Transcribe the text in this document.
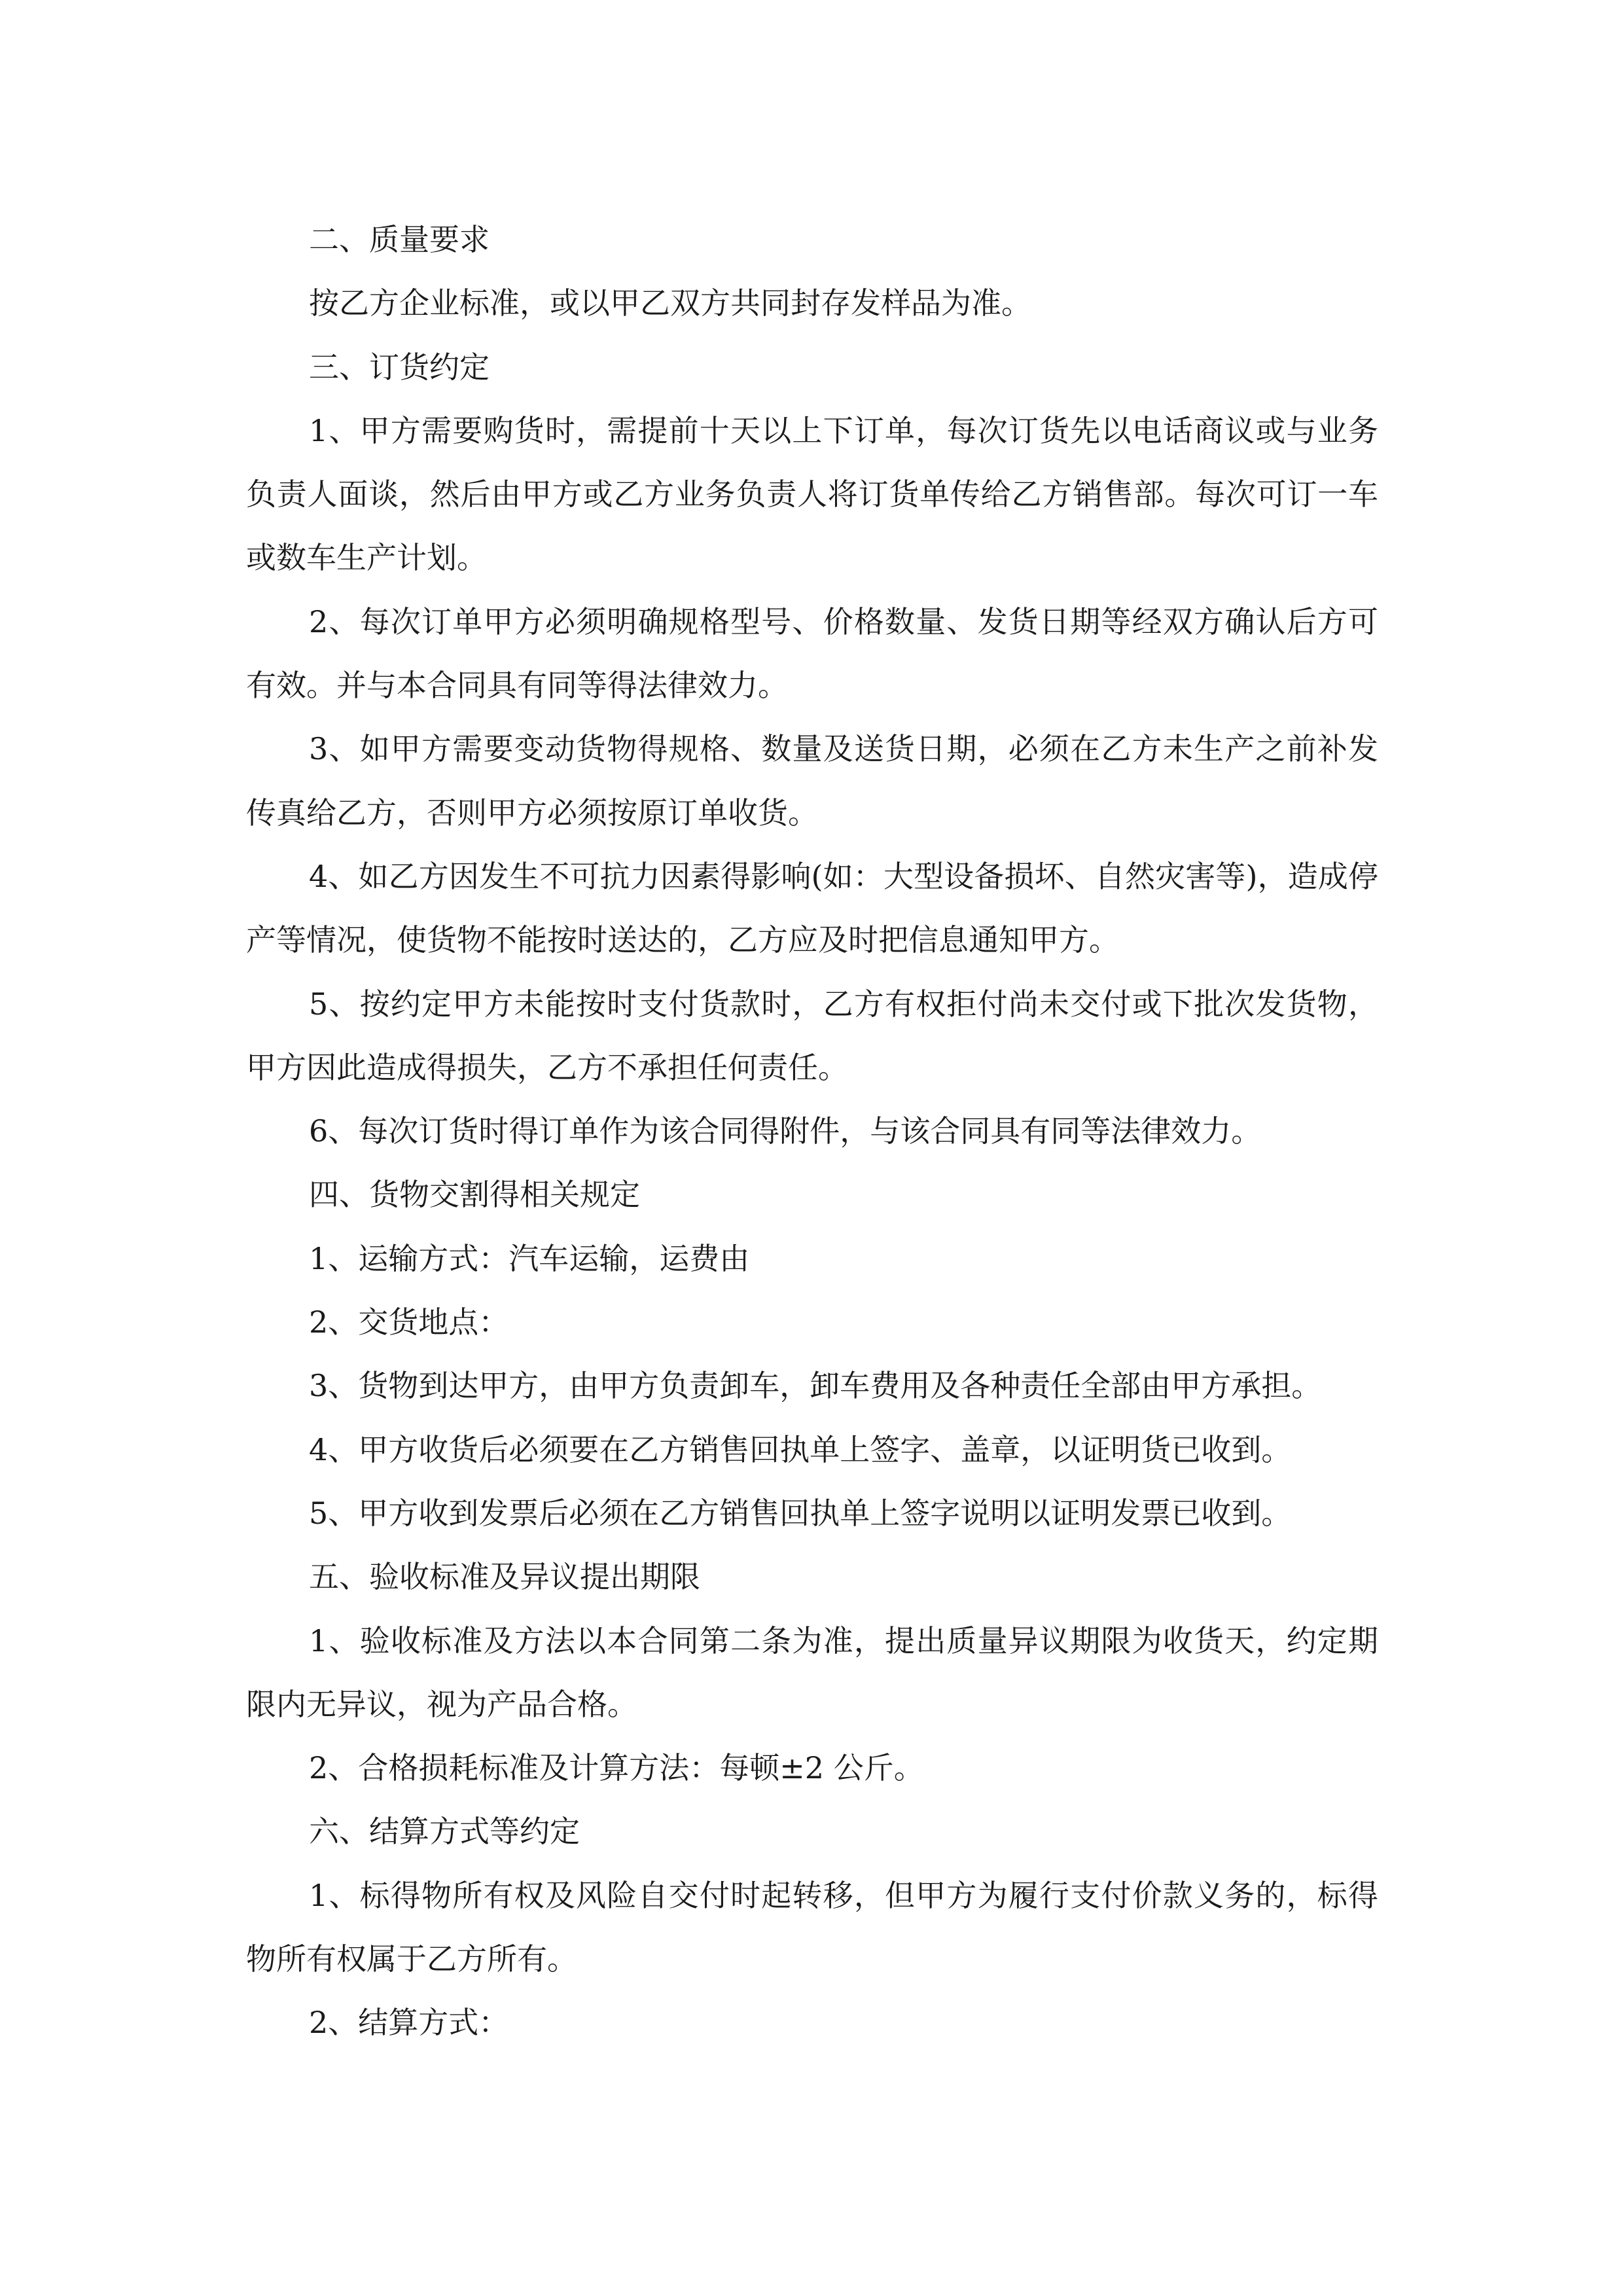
二、质量要求

按乙方企业标准，或以甲乙双方共同封存发样品为准。

三、订货约定

1、甲方需要购货时，需提前十天以上下订单，每次订货先以电话商议或与业务负责人面谈，然后由甲方或乙方业务负责人将订货单传给乙方销售部。每次可订一车或数车生产计划。

2、每次订单甲方必须明确规格型号、价格数量、发货日期等经双方确认后方可有效。并与本合同具有同等得法律效力。

3、如甲方需要变动货物得规格、数量及送货日期，必须在乙方未生产之前补发传真给乙方，否则甲方必须按原订单收货。

4、如乙方因发生不可抗力因素得影响(如：大型设备损坏、自然灾害等)，造成停产等情况，使货物不能按时送达的，乙方应及时把信息通知甲方。

5、按约定甲方未能按时支付货款时，乙方有权拒付尚未交付或下批次发货物，甲方因此造成得损失，乙方不承担任何责任。

6、每次订货时得订单作为该合同得附件，与该合同具有同等法律效力。

四、货物交割得相关规定

1、运输方式：汽车运输，运费由

2、交货地点：

3、货物到达甲方，由甲方负责卸车，卸车费用及各种责任全部由甲方承担。

4、甲方收货后必须要在乙方销售回执单上签字、盖章，以证明货已收到。

5、甲方收到发票后必须在乙方销售回执单上签字说明以证明发票已收到。

五、验收标准及异议提出期限

1、验收标准及方法以本合同第二条为准，提出质量异议期限为收货天，约定期限内无异议，视为产品合格。

2、合格损耗标准及计算方法：每顿±2 公斤。

六、结算方式等约定

1、标得物所有权及风险自交付时起转移，但甲方为履行支付价款义务的，标得物所有权属于乙方所有。

2、结算方式：
